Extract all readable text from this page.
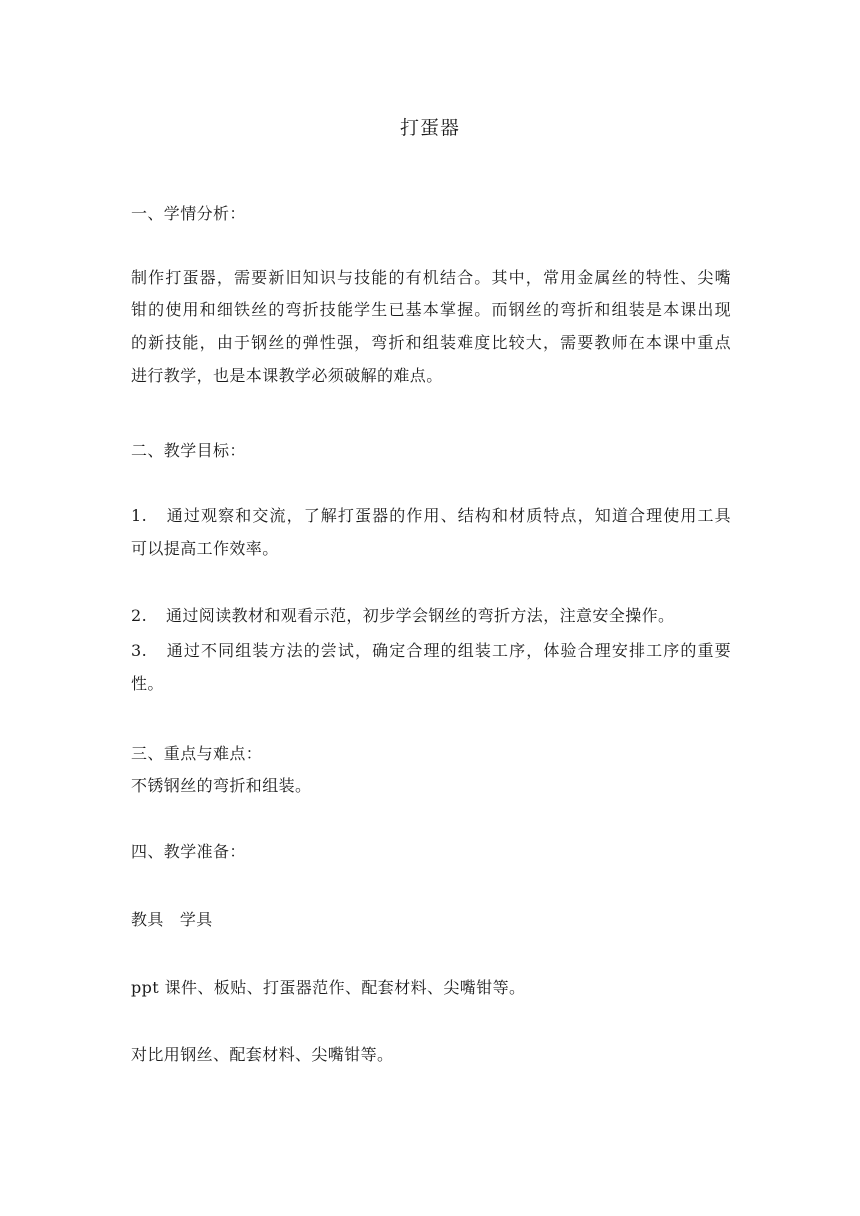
打蛋器
一、学情分析：
制作打蛋器，需要新旧知识与技能的有机结合。其中，常用金属丝的特性、尖嘴
钳的使用和细铁丝的弯折技能学生已基本掌握。而钢丝的弯折和组装是本课出现
的新技能，由于钢丝的弹性强，弯折和组装难度比较大，需要教师在本课中重点
进行教学，也是本课教学必须破解的难点。
二、教学目标：
1. 通过观察和交流，了解打蛋器的作用、结构和材质特点，知道合理使用工具
可以提高工作效率。
2. 通过阅读教材和观看示范，初步学会钢丝的弯折方法，注意安全操作。
3. 通过不同组装方法的尝试，确定合理的组装工序，体验合理安排工序的重要
性。
三、重点与难点：
不锈钢丝的弯折和组装。
四、教学准备：
教具 学具
ppt 课件、板贴、打蛋器范作、配套材料、尖嘴钳等。
对比用钢丝、配套材料、尖嘴钳等。
